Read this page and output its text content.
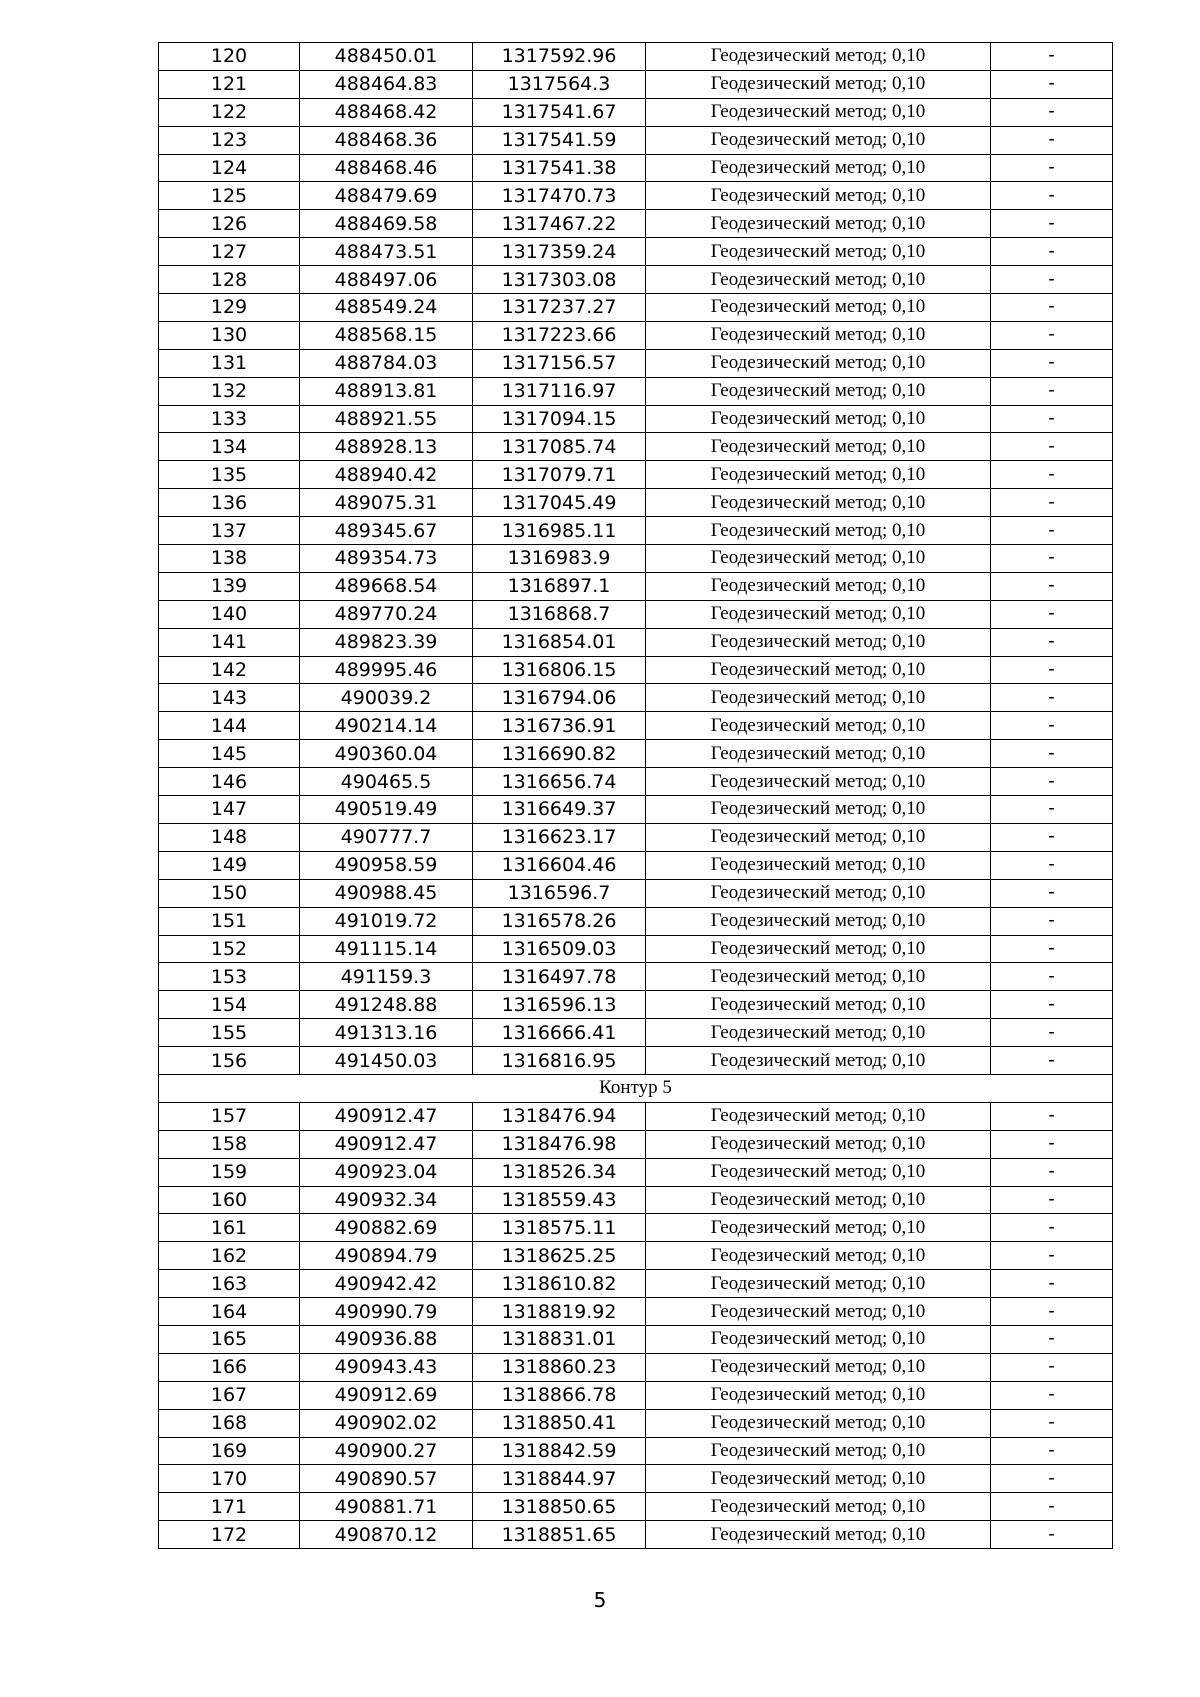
120	488450.01	1317592.96	Геодезический метод; 0,10	-
121	488464.83	1317564.3	Геодезический метод; 0,10	-
122	488468.42	1317541.67	Геодезический метод; 0,10	-
123	488468.36	1317541.59	Геодезический метод; 0,10	-
124	488468.46	1317541.38	Геодезический метод; 0,10	-
125	488479.69	1317470.73	Геодезический метод; 0,10	-
126	488469.58	1317467.22	Геодезический метод; 0,10	-
127	488473.51	1317359.24	Геодезический метод; 0,10	-
128	488497.06	1317303.08	Геодезический метод; 0,10	-
129	488549.24	1317237.27	Геодезический метод; 0,10	-
130	488568.15	1317223.66	Геодезический метод; 0,10	-
131	488784.03	1317156.57	Геодезический метод; 0,10	-
132	488913.81	1317116.97	Геодезический метод; 0,10	-
133	488921.55	1317094.15	Геодезический метод; 0,10	-
134	488928.13	1317085.74	Геодезический метод; 0,10	-
135	488940.42	1317079.71	Геодезический метод; 0,10	-
136	489075.31	1317045.49	Геодезический метод; 0,10	-
137	489345.67	1316985.11	Геодезический метод; 0,10	-
138	489354.73	1316983.9	Геодезический метод; 0,10	-
139	489668.54	1316897.1	Геодезический метод; 0,10	-
140	489770.24	1316868.7	Геодезический метод; 0,10	-
141	489823.39	1316854.01	Геодезический метод; 0,10	-
142	489995.46	1316806.15	Геодезический метод; 0,10	-
143	490039.2	1316794.06	Геодезический метод; 0,10	-
144	490214.14	1316736.91	Геодезический метод; 0,10	-
145	490360.04	1316690.82	Геодезический метод; 0,10	-
146	490465.5	1316656.74	Геодезический метод; 0,10	-
147	490519.49	1316649.37	Геодезический метод; 0,10	-
148	490777.7	1316623.17	Геодезический метод; 0,10	-
149	490958.59	1316604.46	Геодезический метод; 0,10	-
150	490988.45	1316596.7	Геодезический метод; 0,10	-
151	491019.72	1316578.26	Геодезический метод; 0,10	-
152	491115.14	1316509.03	Геодезический метод; 0,10	-
153	491159.3	1316497.78	Геодезический метод; 0,10	-
154	491248.88	1316596.13	Геодезический метод; 0,10	-
155	491313.16	1316666.41	Геодезический метод; 0,10	-
156	491450.03	1316816.95	Геодезический метод; 0,10	-
Контур 5				
157	490912.47	1318476.94	Геодезический метод; 0,10	-
158	490912.47	1318476.98	Геодезический метод; 0,10	-
159	490923.04	1318526.34	Геодезический метод; 0,10	-
160	490932.34	1318559.43	Геодезический метод; 0,10	-
161	490882.69	1318575.11	Геодезический метод; 0,10	-
162	490894.79	1318625.25	Геодезический метод; 0,10	-
163	490942.42	1318610.82	Геодезический метод; 0,10	-
164	490990.79	1318819.92	Геодезический метод; 0,10	-
165	490936.88	1318831.01	Геодезический метод; 0,10	-
166	490943.43	1318860.23	Геодезический метод; 0,10	-
167	490912.69	1318866.78	Геодезический метод; 0,10	-
168	490902.02	1318850.41	Геодезический метод; 0,10	-
169	490900.27	1318842.59	Геодезический метод; 0,10	-
170	490890.57	1318844.97	Геодезический метод; 0,10	-
171	490881.71	1318850.65	Геодезический метод; 0,10	-
172	490870.12	1318851.65	Геодезический метод; 0,10	-
5
